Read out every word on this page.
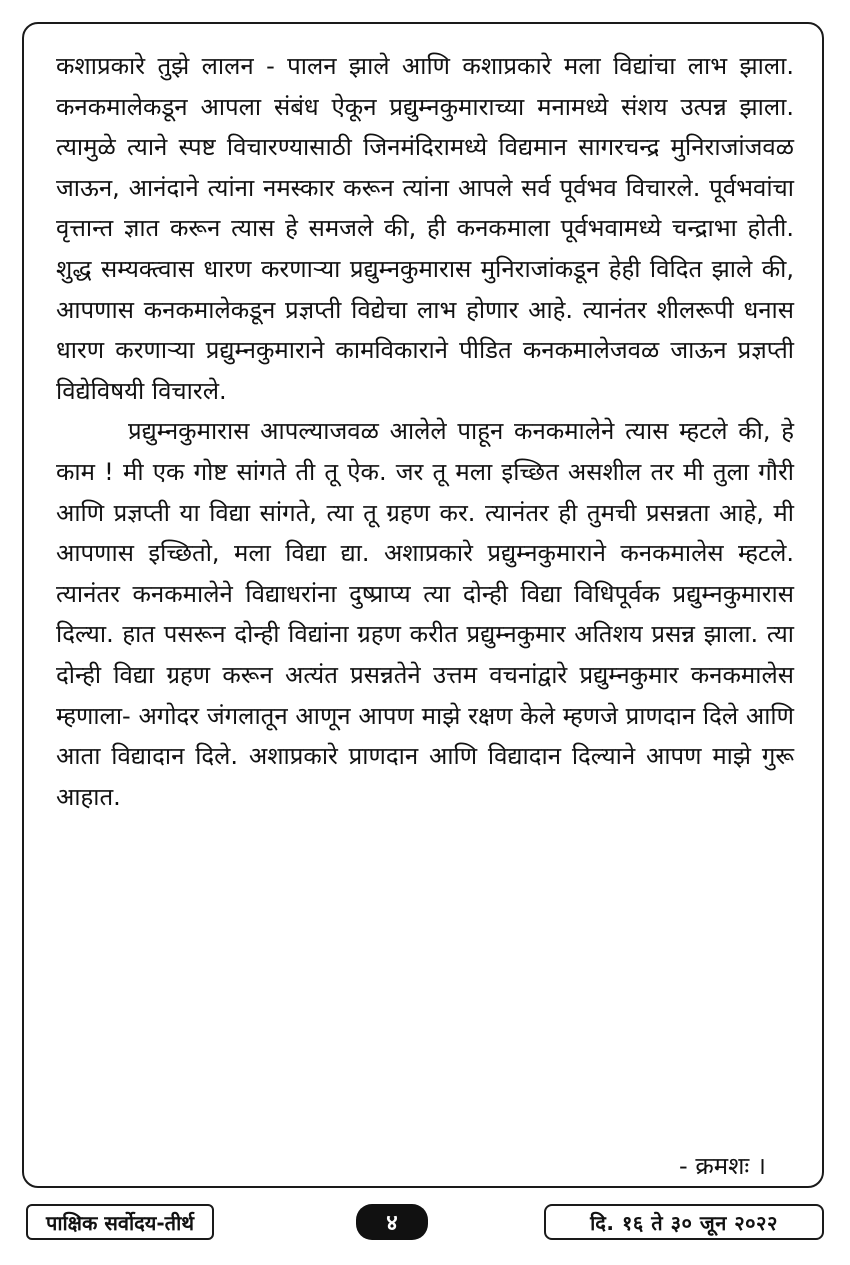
कशाप्रकारे तुझे लालन - पालन झाले आणि कशाप्रकारे मला विद्यांचा लाभ झाला. कनकमालेकडून आपला संबंध ऐकून प्रद्युम्नकुमाराच्या मनामध्ये संशय उत्पन्न झाला. त्यामुळे त्याने स्पष्ट विचारण्यासाठी जिनमंदिरामध्ये विद्यमान सागरचन्द्र मुनिराजांजवळ जाऊन, आनंदाने त्यांना नमस्कार करून त्यांना आपले सर्व पूर्वभव विचारले. पूर्वभवांचा वृत्तान्त ज्ञात करून त्यास हे समजले की, ही कनकमाला पूर्वभवामध्ये चन्द्राभा होती. शुद्ध सम्यक्त्वास धारण करणाऱ्या प्रद्युम्नकुमारास मुनिराजांकडून हेही विदित झाले की, आपणास कनकमालेकडून प्रज्ञप्ती विद्येचा लाभ होणार आहे. त्यानंतर शीलरूपी धनास धारण करणाऱ्या प्रद्युम्नकुमाराने कामविकाराने पीडित कनकमालेजवळ जाऊन प्रज्ञप्ती विद्येविषयी विचारले.

प्रद्युम्नकुमारास आपल्याजवळ आलेले पाहून कनकमालेने त्यास म्हटले की, हे काम ! मी एक गोष्ट सांगते ती तू ऐक. जर तू मला इच्छित असशील तर मी तुला गौरी आणि प्रज्ञप्ती या विद्या सांगते, त्या तू ग्रहण कर. त्यानंतर ही तुमची प्रसन्नता आहे, मी आपणास इच्छितो, मला विद्या द्या. अशाप्रकारे प्रद्युम्नकुमाराने कनकमालेस म्हटले. त्यानंतर कनकमालेने विद्याधरांना दुष्प्राप्य त्या दोन्ही विद्या विधिपूर्वक प्रद्युम्नकुमारास दिल्या. हात पसरून दोन्ही विद्यांना ग्रहण करीत प्रद्युम्नकुमार अतिशय प्रसन्न झाला. त्या दोन्ही विद्या ग्रहण करून अत्यंत प्रसन्नतेने उत्तम वचनांद्वारे प्रद्युम्नकुमार कनकमालेस म्हणाला- अगोदर जंगलातून आणून आपण माझे रक्षण केले म्हणजे प्राणदान दिले आणि आता विद्यादान दिले. अशाप्रकारे प्राणदान आणि विद्यादान दिल्याने आपण माझे गुरू आहात.

- क्रमशः ।
पाक्षिक सर्वोदय-तीर्थ	४	दि. १६ ते ३० जून २०२२
